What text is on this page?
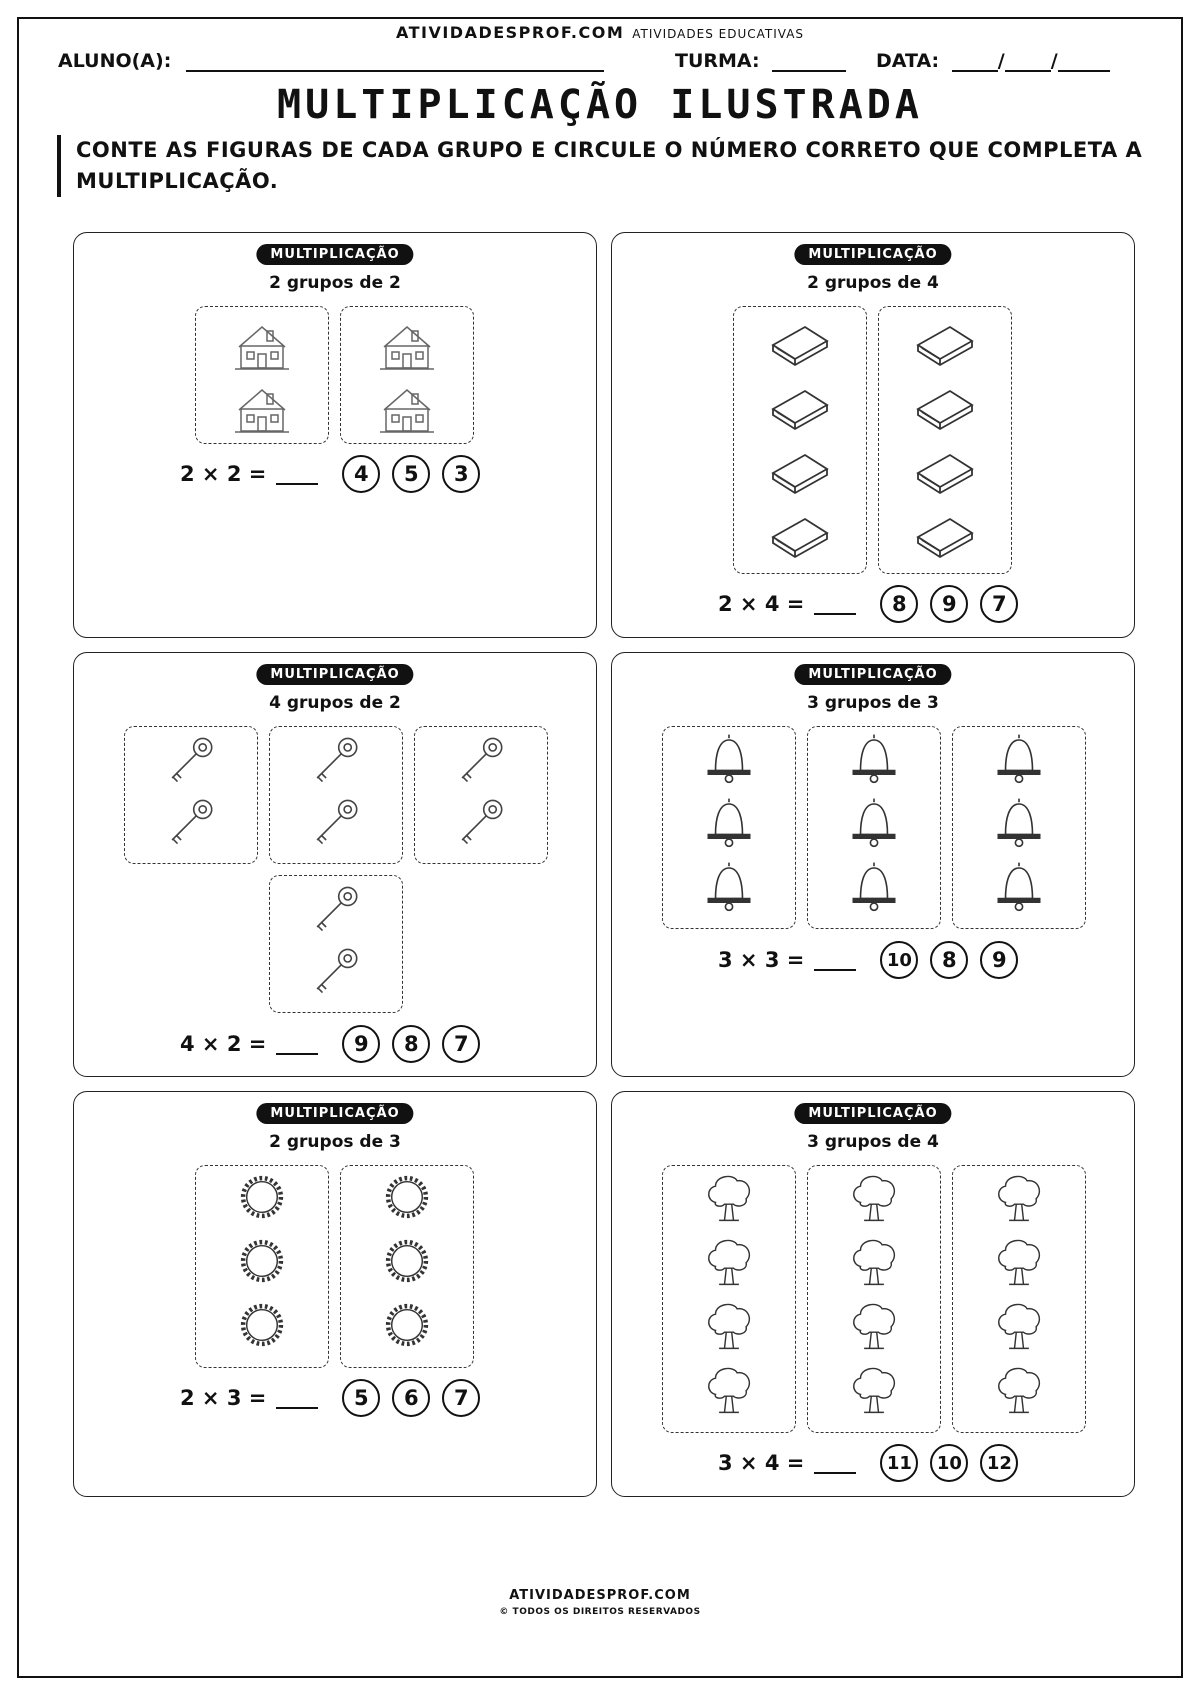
ATIVIDADESPROF.COM ATIVIDADES EDUCATIVAS
ALUNO(A):	TURMA:	DATA:	/ /
MULTIPLICAÇÃO ILUSTRADA
CONTE AS FIGURAS DE CADA GRUPO E CIRCULE O NÚMERO CORRETO QUE COMPLETA A MULTIPLICAÇÃO.
MULTIPLICAÇÃO
2 grupos de 2
2 × 2 =	4	5	3
MULTIPLICAÇÃO
2 grupos de 4
2 × 4 =	8	9	7
MULTIPLICAÇÃO
4 grupos de 2
4 × 2 =	9	8	7
MULTIPLICAÇÃO
3 grupos de 3
3 × 3 =	10	8	9
MULTIPLICAÇÃO
2 grupos de 3
2 × 3 =	5	6	7
MULTIPLICAÇÃO
3 grupos de 4
3 × 4 =	11	10	12
ATIVIDADESPROF.COM
© TODOS OS DIREITOS RESERVADOS
